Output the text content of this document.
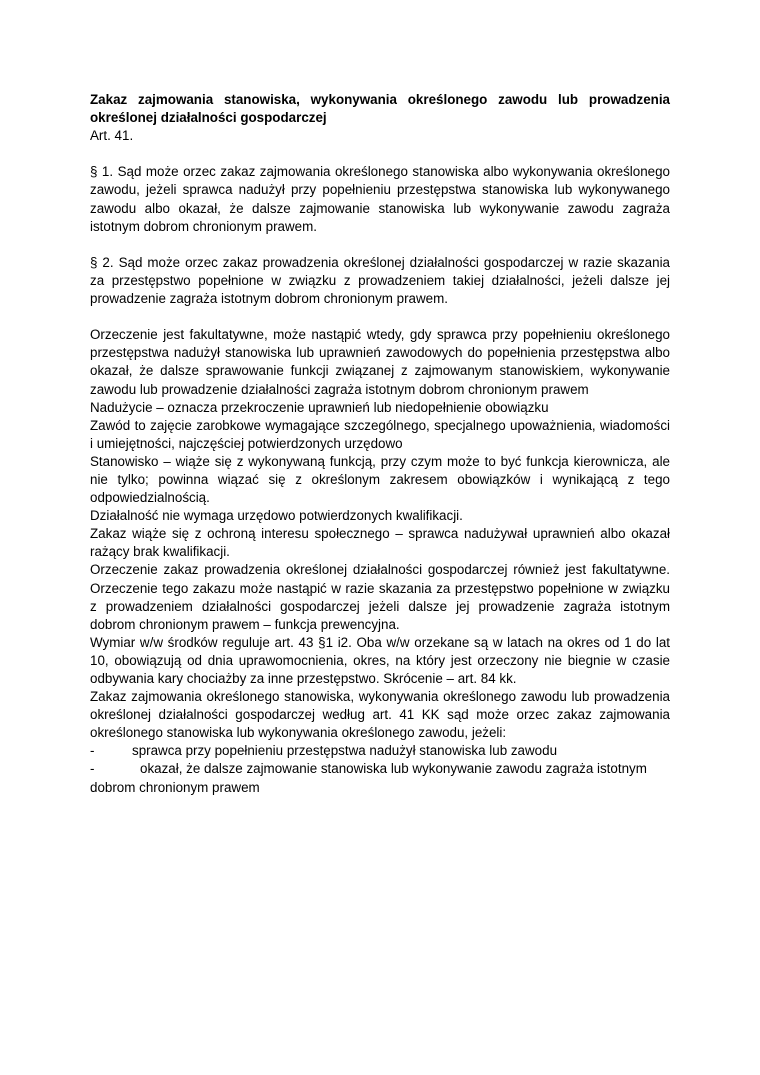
Zakaz zajmowania stanowiska, wykonywania określonego zawodu lub prowadzenia określonej działalności gospodarczej
Art. 41.
§ 1. Sąd może orzec zakaz zajmowania określonego stanowiska albo wykonywania określonego zawodu, jeżeli sprawca nadużył przy popełnieniu przestępstwa stanowiska lub wykonywanego zawodu albo okazał, że dalsze zajmowanie stanowiska lub wykonywanie zawodu zagraża istotnym dobrom chronionym prawem.
§ 2. Sąd może orzec zakaz prowadzenia określonej działalności gospodarczej w razie skazania za przestępstwo popełnione w związku z prowadzeniem takiej działalności, jeżeli dalsze jej prowadzenie zagraża istotnym dobrom chronionym prawem.
Orzeczenie jest fakultatywne, może nastąpić wtedy, gdy sprawca przy popełnieniu określonego przestępstwa nadużył stanowiska lub uprawnień zawodowych do popełnienia przestępstwa albo okazał, że dalsze sprawowanie funkcji związanej z zajmowanym stanowiskiem, wykonywanie zawodu lub prowadzenie działalności zagraża istotnym dobrom chronionym prawem
Nadużycie – oznacza przekroczenie uprawnień lub niedopełnienie obowiązku
Zawód to zajęcie zarobkowe wymagające szczególnego, specjalnego upoważnienia, wiadomości i umiejętności, najczęściej potwierdzonych urzędowo
Stanowisko – wiąże się z wykonywaną funkcją, przy czym może to być funkcja kierownicza, ale nie tylko; powinna wiązać się z określonym zakresem obowiązków i wynikającą z tego odpowiedzialnością.
Działalność nie wymaga urzędowo potwierdzonych kwalifikacji.
Zakaz wiąże się z ochroną interesu społecznego – sprawca nadużywał uprawnień albo okazał rażący brak kwalifikacji.
Orzeczenie zakaz prowadzenia określonej działalności gospodarczej również jest fakultatywne. Orzeczenie tego zakazu może nastąpić w razie skazania za przestępstwo popełnione w związku z prowadzeniem działalności gospodarczej jeżeli dalsze jej prowadzenie zagraża istotnym dobrom chronionym prawem – funkcja prewencyjna.
Wymiar w/w środków reguluje art. 43 §1 i2. Oba w/w orzekane są w latach na okres od 1 do lat 10, obowiązują od dnia uprawomocnienia, okres, na który jest orzeczony nie biegnie w czasie odbywania kary chociażby za inne przestępstwo. Skrócenie – art. 84 kk.
Zakaz zajmowania określonego stanowiska, wykonywania określonego zawodu lub prowadzenia określonej działalności gospodarczej według art. 41 KK sąd może orzec zakaz zajmowania określonego stanowiska lub wykonywania określonego zawodu, jeżeli:
-	sprawca przy popełnieniu przestępstwa nadużył stanowiska lub zawodu
-	okazał, że dalsze zajmowanie stanowiska lub wykonywanie zawodu zagraża istotnym dobrom chronionym prawem
